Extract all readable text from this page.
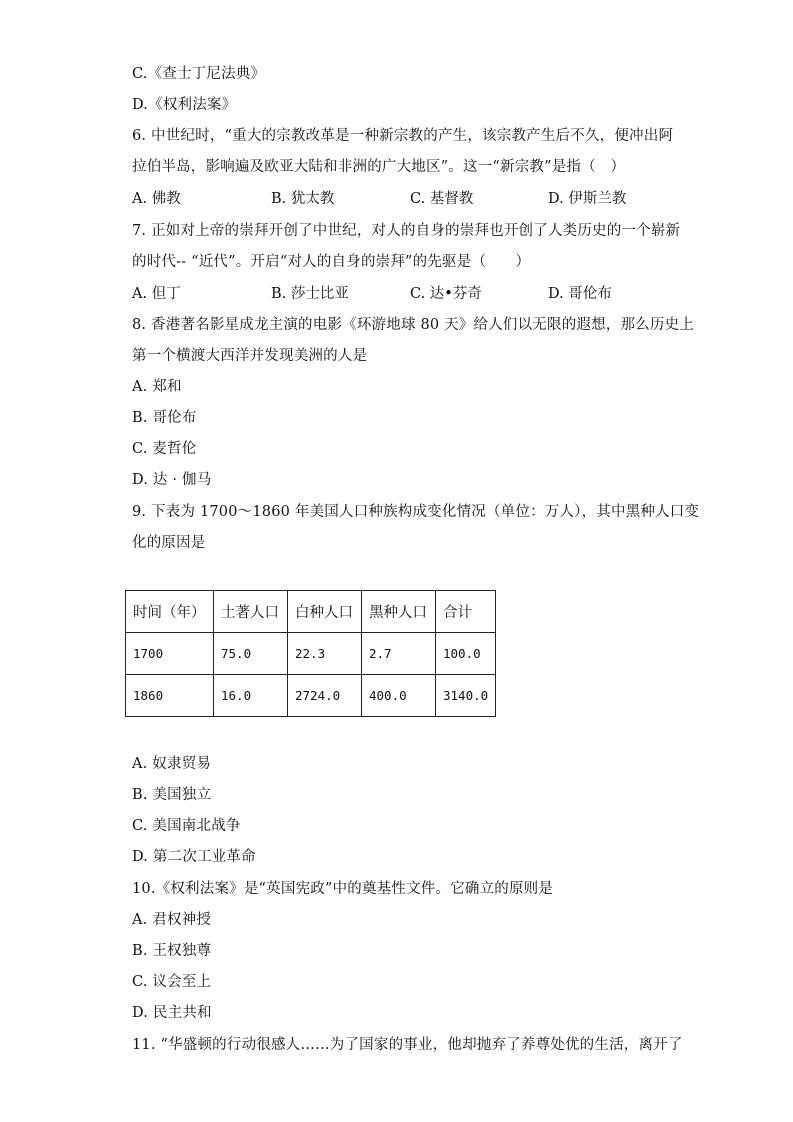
C.《查士丁尼法典》
D.《权利法案》
6. 中世纪时，“重大的宗教改革是一种新宗教的产生，该宗教产生后不久，便冲出阿
拉伯半岛，影响遍及欧亚大陆和非洲的广大地区”。这一“新宗教”是指（　）
A. 佛教	B. 犹太教	C. 基督教	D. 伊斯兰教
7. 正如对上帝的崇拜开创了中世纪，对人的自身的崇拜也开创了人类历史的一个崭新
的时代-- “近代”。开启“对人的自身的崇拜”的先驱是（　　）
A. 但丁	B. 莎士比亚	C. 达•芬奇	D. 哥伦布
8. 香港著名影星成龙主演的电影《环游地球 80 天》给人们以无限的遐想，那么历史上
第一个横渡大西洋并发现美洲的人是
A. 郑和
B. 哥伦布
C. 麦哲伦
D. 达 · 伽马
9. 下表为 1700～1860 年美国人口种族构成变化情况（单位：万人），其中黑种人口变
化的原因是
时间（年）	土著人口	白种人口	黑种人口	合计
1700	75.0	22.3	2.7	100.0
1860	16.0	2724.0	400.0	3140.0
A. 奴隶贸易
B. 美国独立
C. 美国南北战争
D. 第二次工业革命
10.《权利法案》是“英国宪政”中的奠基性文件。它确立的原则是
A. 君权神授
B. 王权独尊
C. 议会至上
D. 民主共和
11. “华盛顿的行动很感人……为了国家的事业，他却抛弃了养尊处优的生活，离开了
